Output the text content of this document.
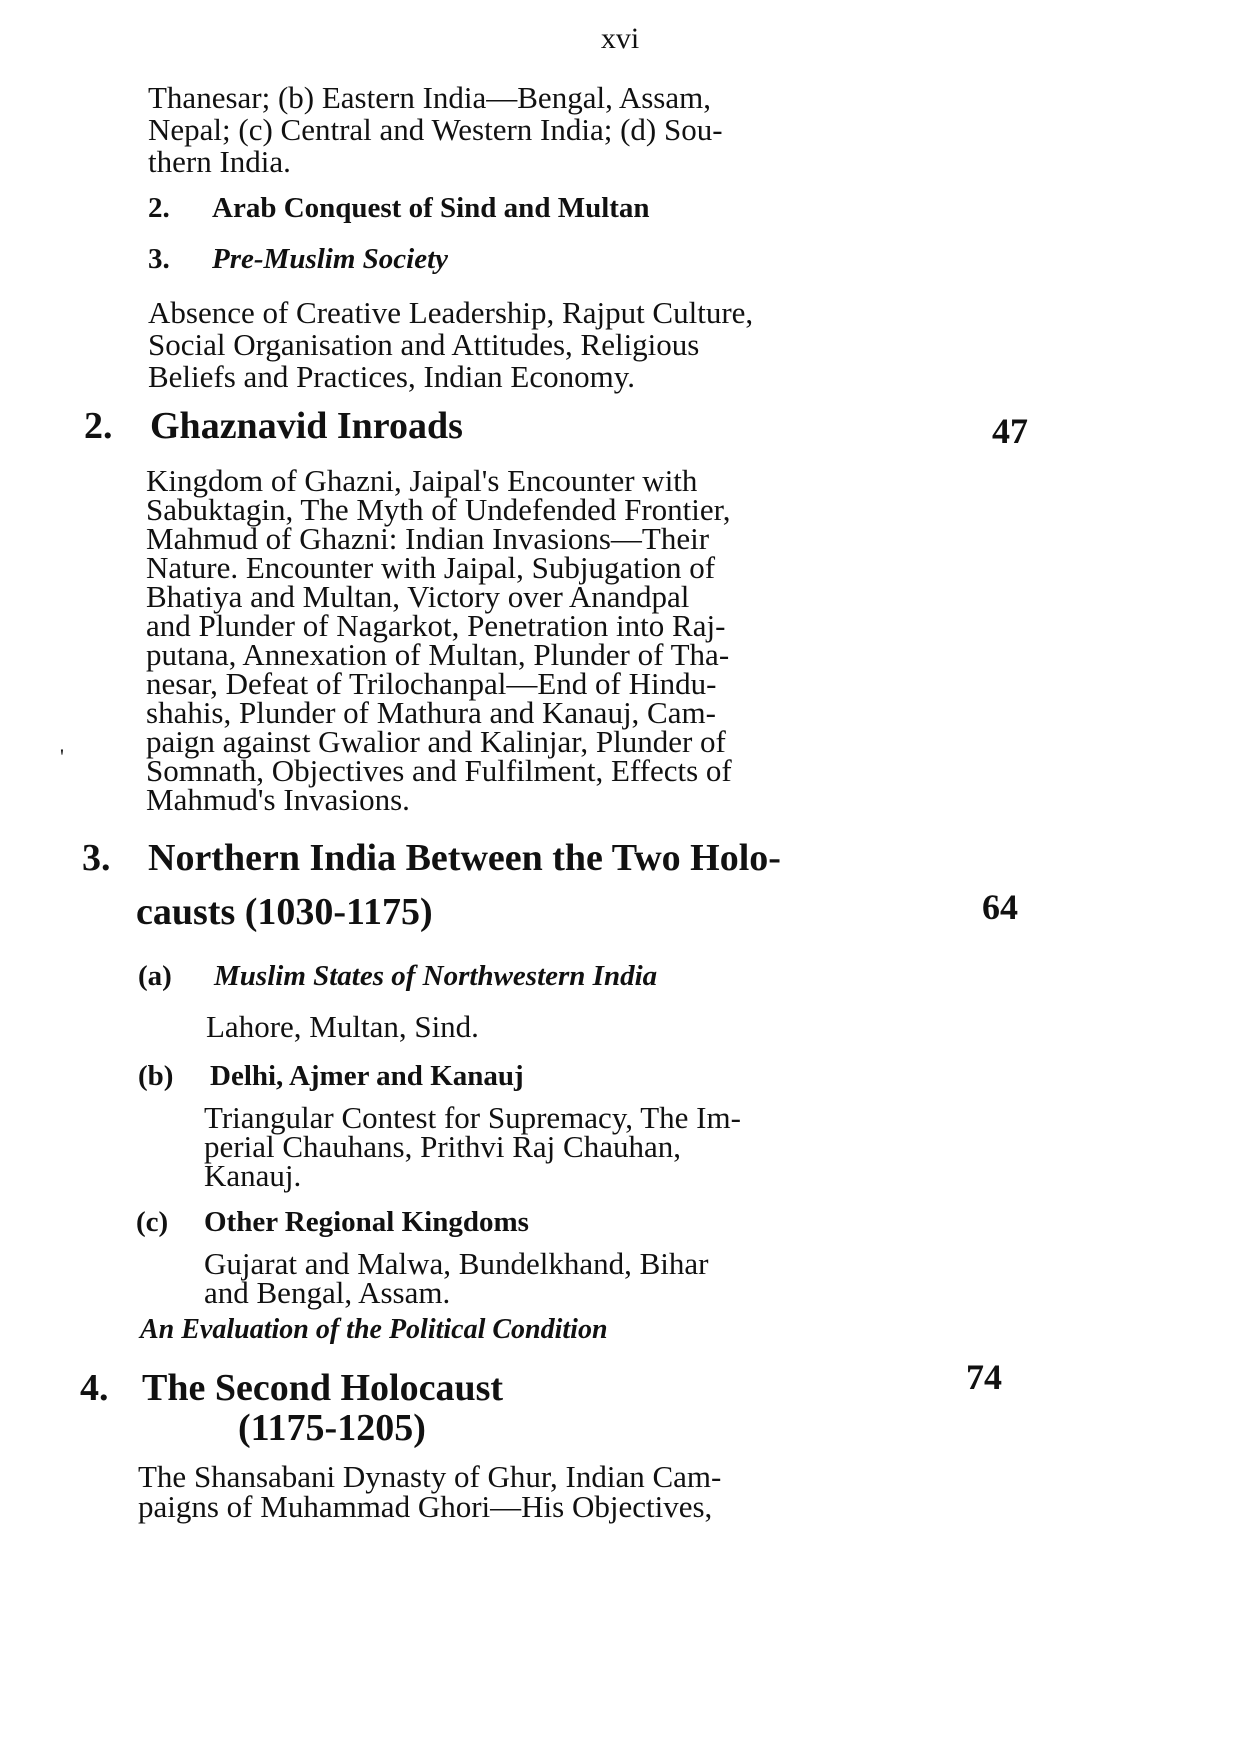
xvi
Thanesar; (b) Eastern India—Bengal, Assam,
Nepal; (c) Central and Western India; (d) Sou-
thern India.
2. Arab Conquest of Sind and Multan
3. Pre-Muslim Society
Absence of Creative Leadership, Rajput Culture,
Social Organisation and Attitudes, Religious
Beliefs and Practices, Indian Economy.
2. Ghaznavid Inroads	47
Kingdom of Ghazni, Jaipal's Encounter with
Sabuktagin, The Myth of Undefended Frontier,
Mahmud of Ghazni: Indian Invasions—Their
Nature. Encounter with Jaipal, Subjugation of
Bhatiya and Multan, Victory over Anandpal
and Plunder of Nagarkot, Penetration into Raj-
putana, Annexation of Multan, Plunder of Tha-
nesar, Defeat of Trilochanpal—End of Hindu-
shahis, Plunder of Mathura and Kanauj, Cam-
paign against Gwalior and Kalinjar, Plunder of
Somnath, Objectives and Fulfilment, Effects of
Mahmud's Invasions.
'
3. Northern India Between the Two Holo-
causts (1030-1175)	64
(a) Muslim States of Northwestern India
Lahore, Multan, Sind.
(b) Delhi, Ajmer and Kanauj
Triangular Contest for Supremacy, The Im-
perial Chauhans, Prithvi Raj Chauhan,
Kanauj.
(c) Other Regional Kingdoms
Gujarat and Malwa, Bundelkhand, Bihar
and Bengal, Assam.
An Evaluation of the Political Condition
4. The Second Holocaust
(1175-1205)
74
The Shansabani Dynasty of Ghur, Indian Cam-
paigns of Muhammad Ghori—His Objectives,
